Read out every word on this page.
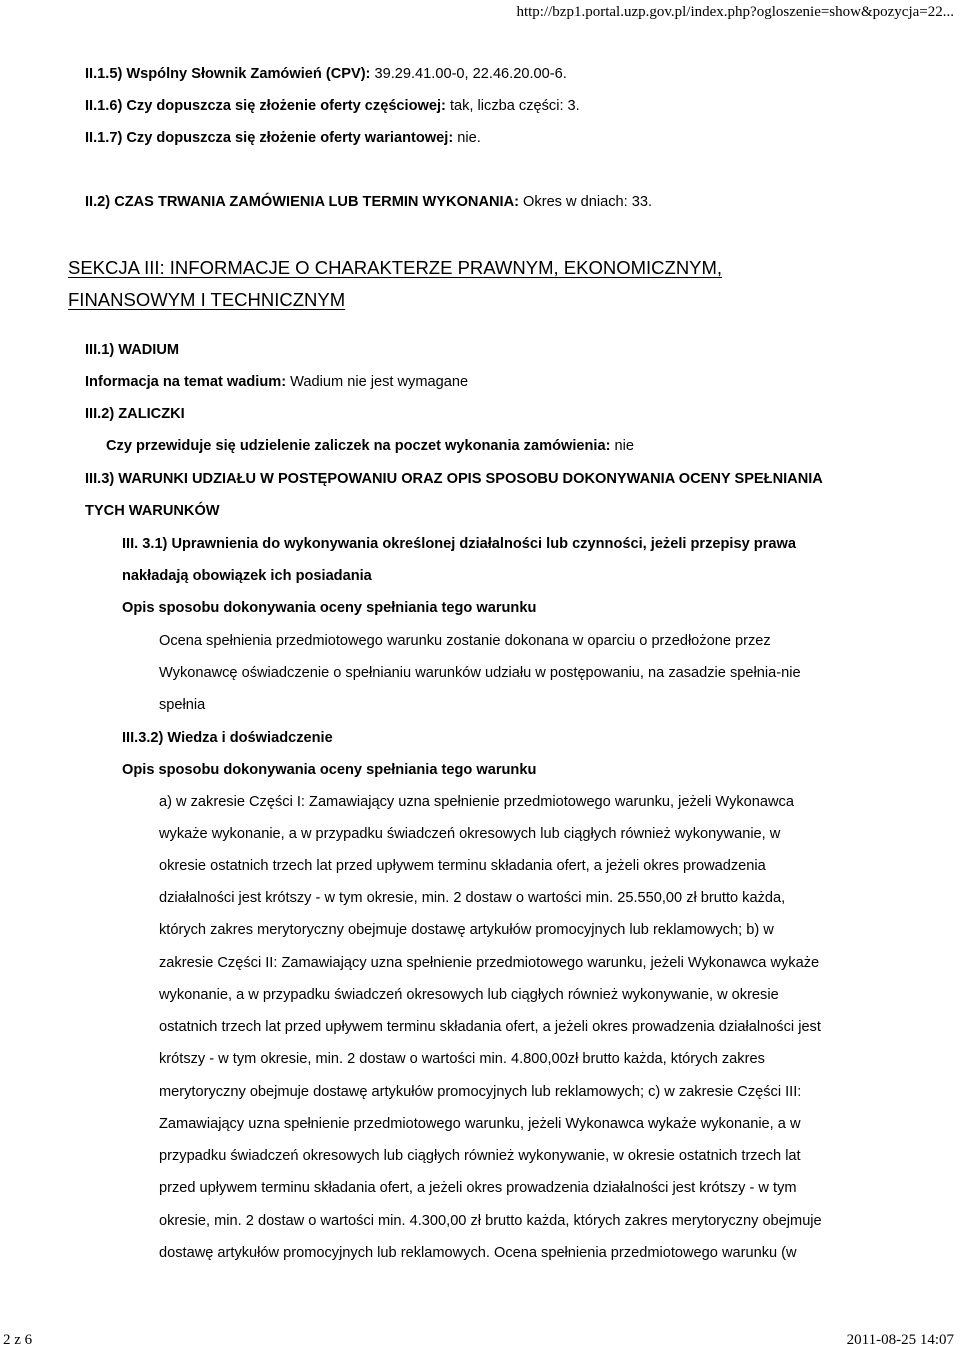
http://bzp1.portal.uzp.gov.pl/index.php?ogloszenie=show&pozycja=22...
II.1.5) Wspólny Słownik Zamówień (CPV): 39.29.41.00-0, 22.46.20.00-6.
II.1.6) Czy dopuszcza się złożenie oferty częściowej: tak, liczba części: 3.
II.1.7) Czy dopuszcza się złożenie oferty wariantowej: nie.
II.2) CZAS TRWANIA ZAMÓWIENIA LUB TERMIN WYKONANIA: Okres w dniach: 33.
SEKCJA III: INFORMACJE O CHARAKTERZE PRAWNYM, EKONOMICZNYM,
FINANSOWYM I TECHNICZNYM
III.1) WADIUM
Informacja na temat wadium: Wadium nie jest wymagane
III.2) ZALICZKI
Czy przewiduje się udzielenie zaliczek na poczet wykonania zamówienia: nie
III.3) WARUNKI UDZIAŁU W POSTĘPOWANIU ORAZ OPIS SPOSOBU DOKONYWANIA OCENY SPEŁNIANIA
TYCH WARUNKÓW
III. 3.1) Uprawnienia do wykonywania określonej działalności lub czynności, jeżeli przepisy prawa
nakładają obowiązek ich posiadania
Opis sposobu dokonywania oceny spełniania tego warunku
Ocena spełnienia przedmiotowego warunku zostanie dokonana w oparciu o przedłożone przez
Wykonawcę oświadczenie o spełnianiu warunków udziału w postępowaniu, na zasadzie spełnia-nie
spełnia
III.3.2) Wiedza i doświadczenie
Opis sposobu dokonywania oceny spełniania tego warunku
a) w zakresie Części I: Zamawiający uzna spełnienie przedmiotowego warunku, jeżeli Wykonawca
wykaże wykonanie, a w przypadku świadczeń okresowych lub ciągłych również wykonywanie, w
okresie ostatnich trzech lat przed upływem terminu składania ofert, a jeżeli okres prowadzenia
działalności jest krótszy - w tym okresie, min. 2 dostaw o wartości min. 25.550,00 zł brutto każda,
których zakres merytoryczny obejmuje dostawę artykułów promocyjnych lub reklamowych; b) w
zakresie Części II: Zamawiający uzna spełnienie przedmiotowego warunku, jeżeli Wykonawca wykaże
wykonanie, a w przypadku świadczeń okresowych lub ciągłych również wykonywanie, w okresie
ostatnich trzech lat przed upływem terminu składania ofert, a jeżeli okres prowadzenia działalności jest
krótszy - w tym okresie, min. 2 dostaw o wartości min. 4.800,00zł brutto każda, których zakres
merytoryczny obejmuje dostawę artykułów promocyjnych lub reklamowych; c) w zakresie Części III:
Zamawiający uzna spełnienie przedmiotowego warunku, jeżeli Wykonawca wykaże wykonanie, a w
przypadku świadczeń okresowych lub ciągłych również wykonywanie, w okresie ostatnich trzech lat
przed upływem terminu składania ofert, a jeżeli okres prowadzenia działalności jest krótszy - w tym
okresie, min. 2 dostaw o wartości min. 4.300,00 zł brutto każda, których zakres merytoryczny obejmuje
dostawę artykułów promocyjnych lub reklamowych. Ocena spełnienia przedmiotowego warunku (w
2 z 6	2011-08-25 14:07
